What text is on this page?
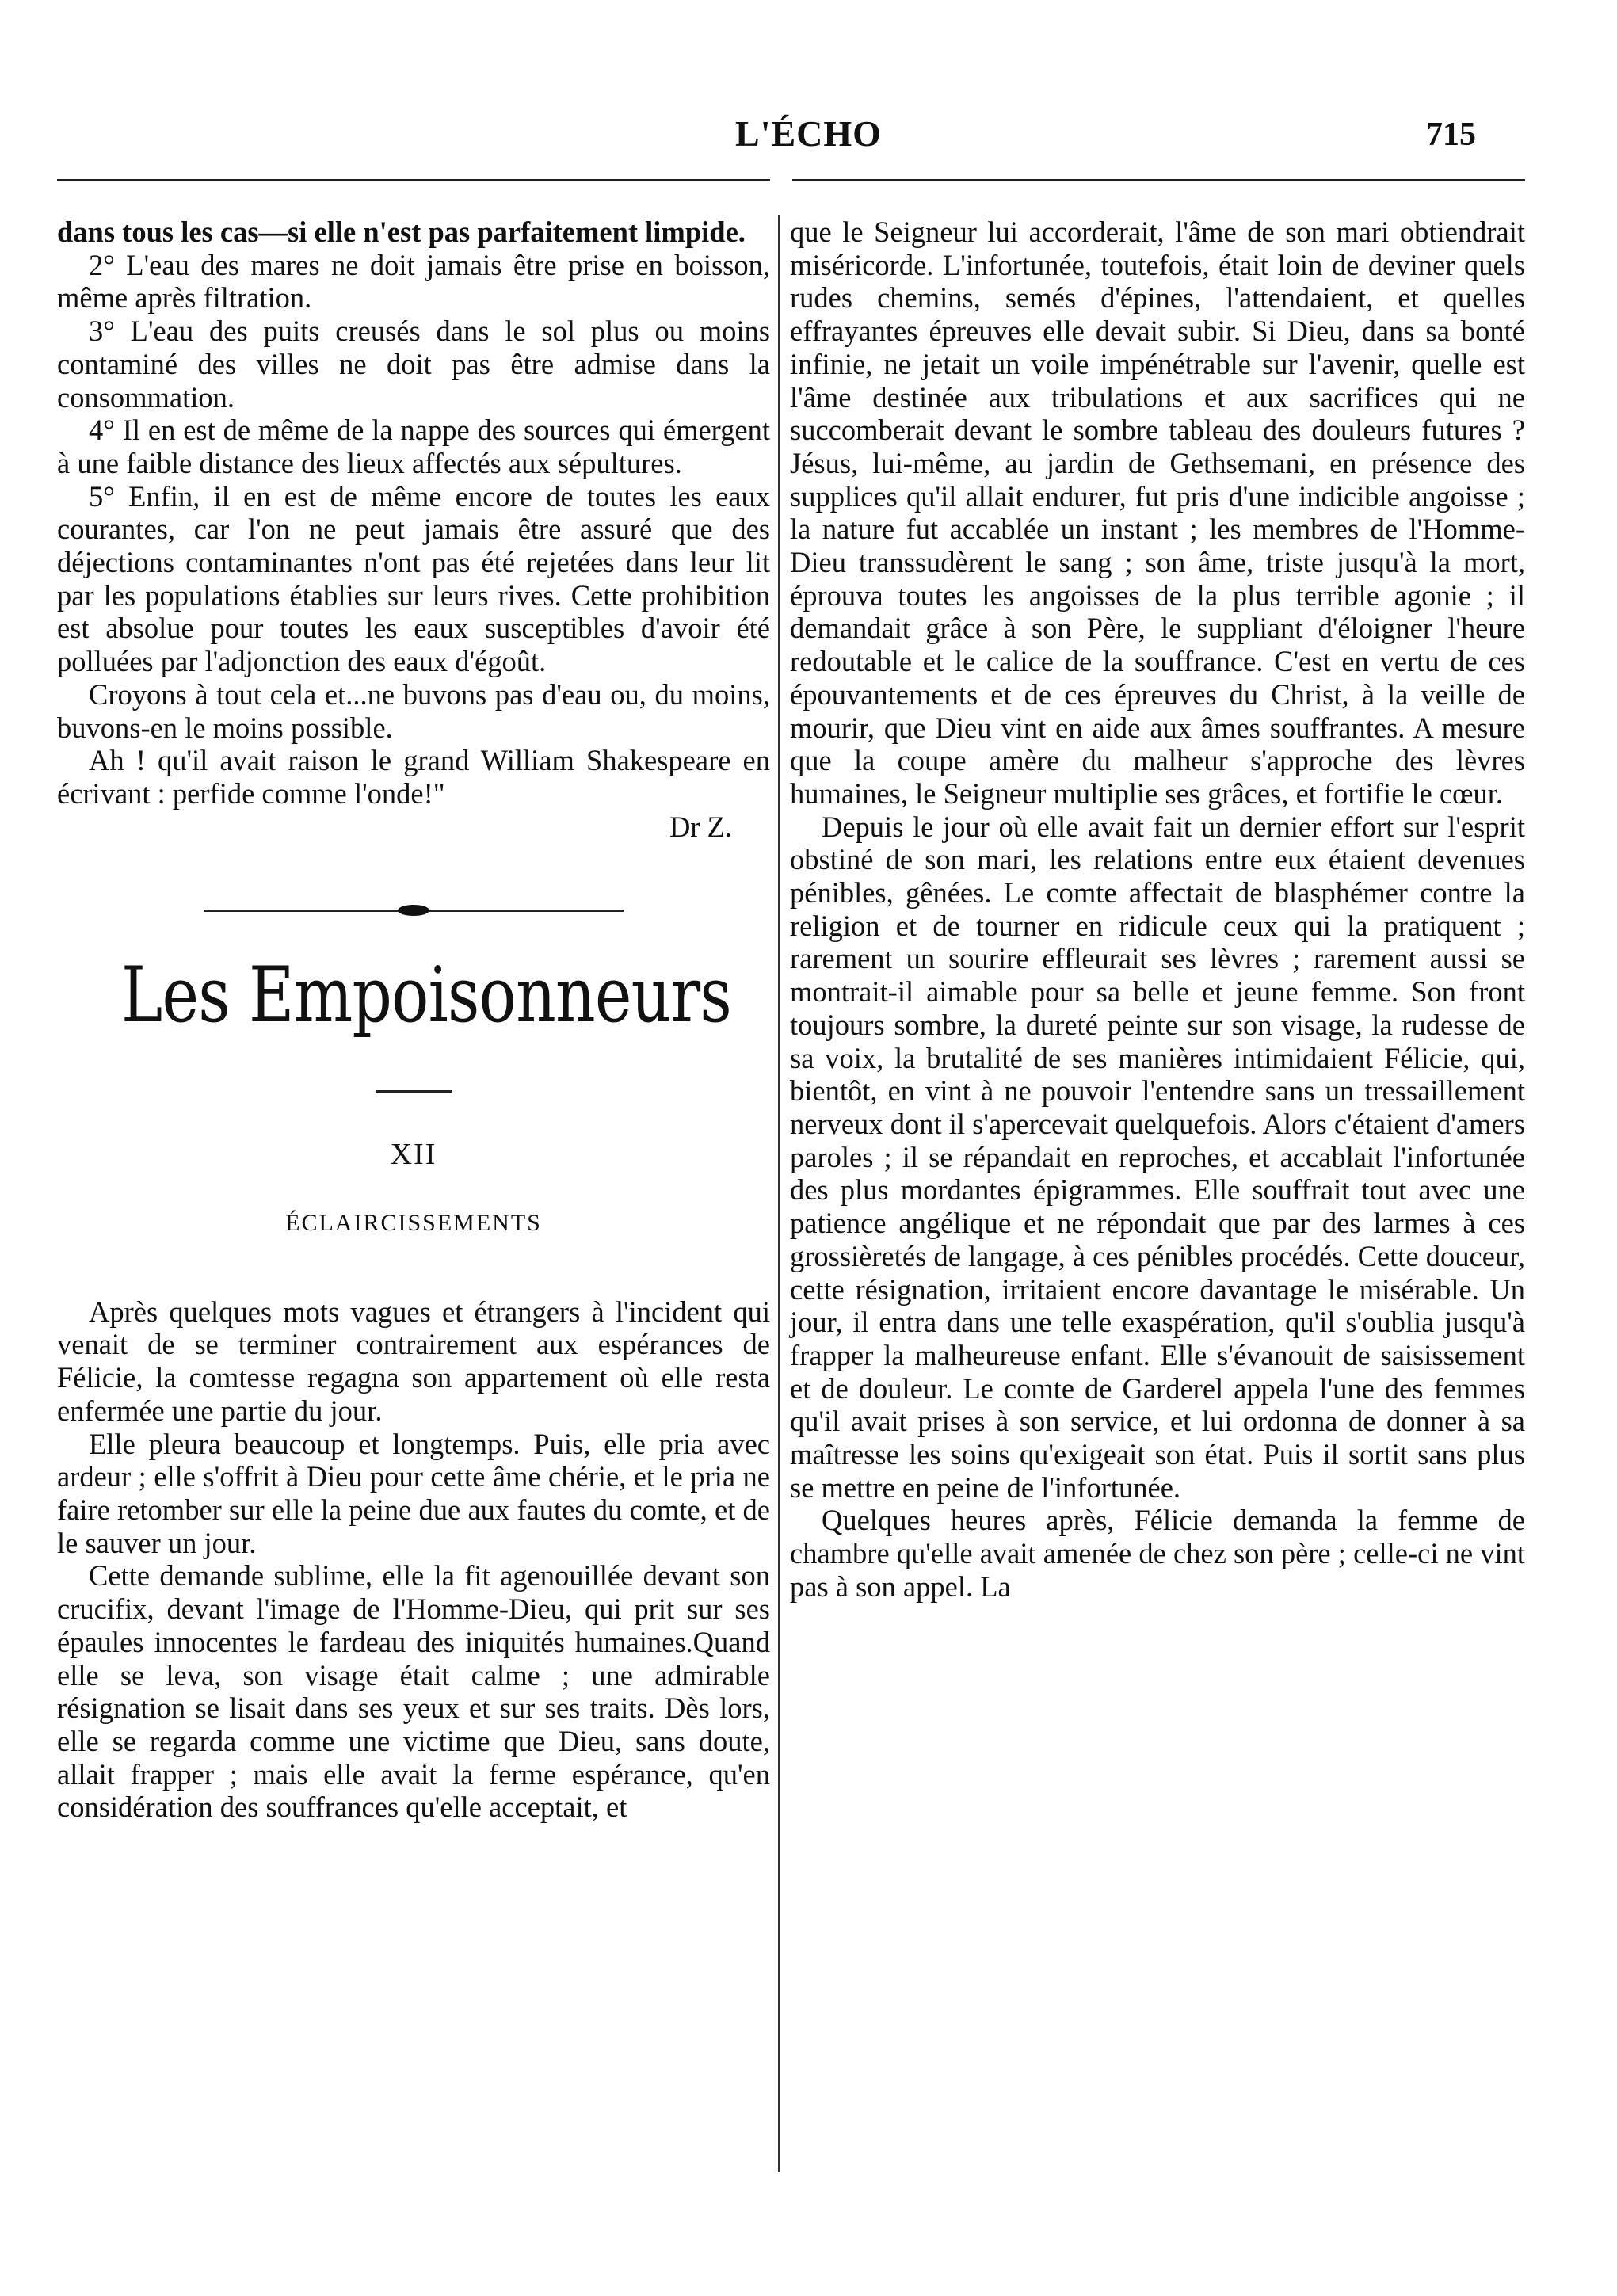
L'ÉCHO	715

dans tous les cas—si elle n'est pas parfaitement limpide.

2° L'eau des mares ne doit jamais être prise en boisson, même après filtration.

3° L'eau des puits creusés dans le sol plus ou moins contaminé des villes ne doit pas être admise dans la consommation.

4° Il en est de même de la nappe des sources qui émergent à une faible distance des lieux affectés aux sépultures.

5° Enfin, il en est de même encore de toutes les eaux courantes, car l'on ne peut jamais être assuré que des déjections contaminantes n'ont pas été rejetées dans leur lit par les populations établies sur leurs rives. Cette prohibition est absolue pour toutes les eaux susceptibles d'avoir été polluées par l'adjonction des eaux d'égoût.

Croyons à tout cela et...ne buvons pas d'eau ou, du moins, buvons-en le moins possible.

Ah ! qu'il avait raison le grand William Shakespeare en écrivant : perfide comme l'onde!"

Dr Z.

Les Empoisonneurs
XII
ÉCLAIRCISSEMENTS

Après quelques mots vagues et étrangers à l'incident qui venait de se terminer contrairement aux espérances de Félicie, la comtesse regagna son appartement où elle resta enfermée une partie du jour.

Elle pleura beaucoup et longtemps. Puis, elle pria avec ardeur ; elle s'offrit à Dieu pour cette âme chérie, et le pria ne faire retomber sur elle la peine due aux fautes du comte, et de le sauver un jour.

Cette demande sublime, elle la fit agenouillée devant son crucifix, devant l'image de l'Homme-Dieu, qui prit sur ses épaules innocentes le fardeau des iniquités humaines.Quand elle se leva, son visage était calme ; une admirable résignation se lisait dans ses yeux et sur ses traits. Dès lors, elle se regarda comme une victime que Dieu, sans doute, allait frapper ; mais elle avait la ferme espérance, qu'en considération des souffrances qu'elle acceptait, et

que le Seigneur lui accorderait, l'âme de son mari obtiendrait miséricorde. L'infortunée, toutefois, était loin de deviner quels rudes chemins, semés d'épines, l'attendaient, et quelles effrayantes épreuves elle devait subir. Si Dieu, dans sa bonté infinie, ne jetait un voile impénétrable sur l'avenir, quelle est l'âme destinée aux tribulations et aux sacrifices qui ne succomberait devant le sombre tableau des douleurs futures ? Jésus, lui-même, au jardin de Gethsemani, en présence des supplices qu'il allait endurer, fut pris d'une indicible angoisse ; la nature fut accablée un instant ; les membres de l'Homme-Dieu transsudèrent le sang ; son âme, triste jusqu'à la mort, éprouva toutes les angoisses de la plus terrible agonie ; il demandait grâce à son Père, le suppliant d'éloigner l'heure redoutable et le calice de la souffrance. C'est en vertu de ces épouvantements et de ces épreuves du Christ, à la veille de mourir, que Dieu vint en aide aux âmes souffrantes. A mesure que la coupe amère du malheur s'approche des lèvres humaines, le Seigneur multiplie ses grâces, et fortifie le cœur.

Depuis le jour où elle avait fait un dernier effort sur l'esprit obstiné de son mari, les relations entre eux étaient devenues pénibles, gênées. Le comte affectait de blasphémer contre la religion et de tourner en ridicule ceux qui la pratiquent ; rarement un sourire effleurait ses lèvres ; rarement aussi se montrait-il aimable pour sa belle et jeune femme. Son front toujours sombre, la dureté peinte sur son visage, la rudesse de sa voix, la brutalité de ses manières intimidaient Félicie, qui, bientôt, en vint à ne pouvoir l'entendre sans un tressaillement nerveux dont il s'apercevait quelquefois. Alors c'étaient d'amers paroles ; il se répandait en reproches, et accablait l'infortunée des plus mordantes épigrammes. Elle souffrait tout avec une patience angélique et ne répondait que par des larmes à ces grossièretés de langage, à ces pénibles procédés. Cette douceur, cette résignation, irritaient encore davantage le misérable. Un jour, il entra dans une telle exaspération, qu'il s'oublia jusqu'à frapper la malheureuse enfant. Elle s'évanouit de saisissement et de douleur. Le comte de Garderel appela l'une des femmes qu'il avait prises à son service, et lui ordonna de donner à sa maîtresse les soins qu'exigeait son état. Puis il sortit sans plus se mettre en peine de l'infortunée.

Quelques heures après, Félicie demanda la femme de chambre qu'elle avait amenée de chez son père ; celle-ci ne vint pas à son appel. La
